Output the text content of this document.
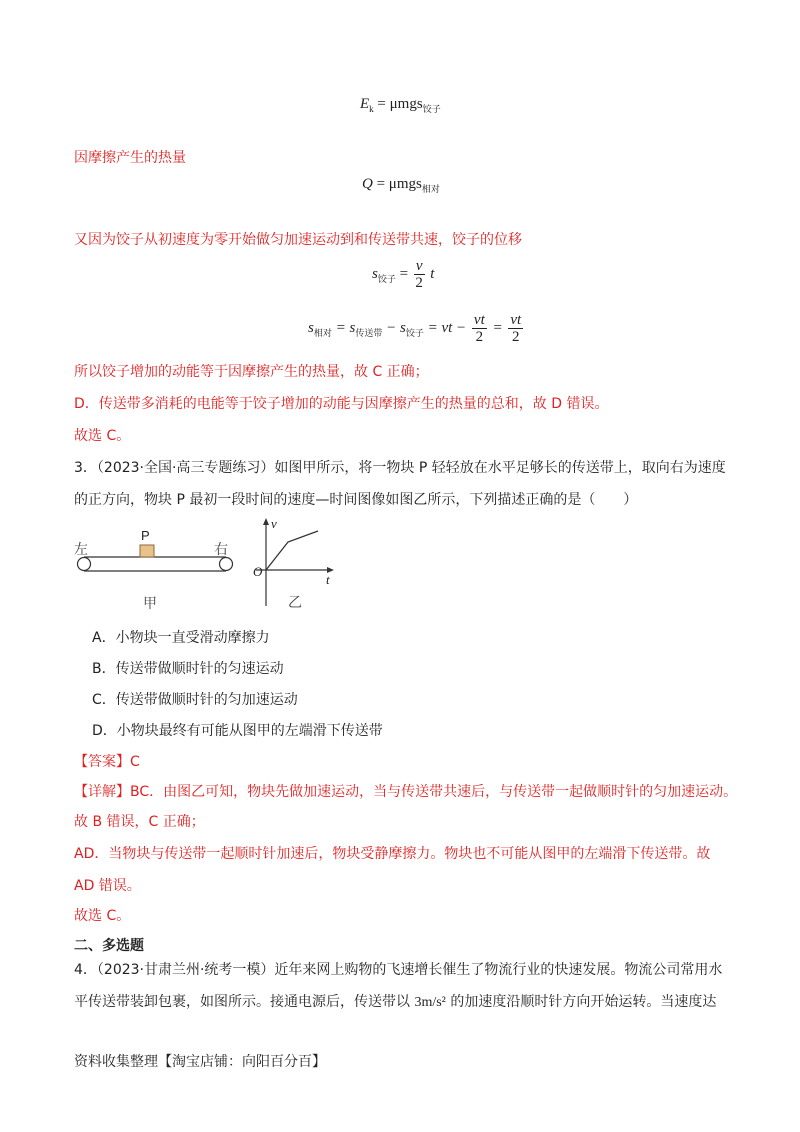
$E_k = \mu mgs_{饺子}$
因摩擦产生的热量
Q = μmgs$_{相对}$
又因为饺子从初速度为零开始做匀加速运动到和传送带共速，饺子的位移
$s_{饺子} = \frac{v}{2}$ t
$s_{相对} = s_{传送带} - s_{饺子}$ = vt − $\frac{vt}{2} = \frac{vt}{2}$
所以饺子增加的动能等于因摩擦产生的热量，故 C 正确；
D．传送带多消耗的电能等于饺子增加的动能与因摩擦产生的热量的总和，故 D 错误。
故选 C。
3．（2023·全国·高三专题练习）如图甲所示，将一物块 P 轻轻放在水平足够长的传送带上，取向右为速度
的正方向，物块 P 最初一段时间的速度—时间图像如图乙所示，下列描述正确的是（　　）
P
左	右
甲
v
t
O
乙
A．小物块一直受滑动摩擦力
B．传送带做顺时针的匀速运动
C．传送带做顺时针的匀加速运动
D．小物块最终有可能从图甲的左端滑下传送带
【答案】C
【详解】BC．由图乙可知，物块先做加速运动，当与传送带共速后，与传送带一起做顺时针的匀加速运动。
故 B 错误，C 正确；
AD．当物块与传送带一起顺时针加速后，物块受静摩擦力。物块也不可能从图甲的左端滑下传送带。故
AD 错误。
故选 C。
二、多选题
4．（2023·甘肃兰州·统考一模）近年来网上购物的飞速增长催生了物流行业的快速发展。物流公司常用水
平传送带装卸包裹，如图所示。接通电源后，传送带以 3m/s² 的加速度沿顺时针方向开始运转。当速度达
资料收集整理【淘宝店铺：向阳百分百】
